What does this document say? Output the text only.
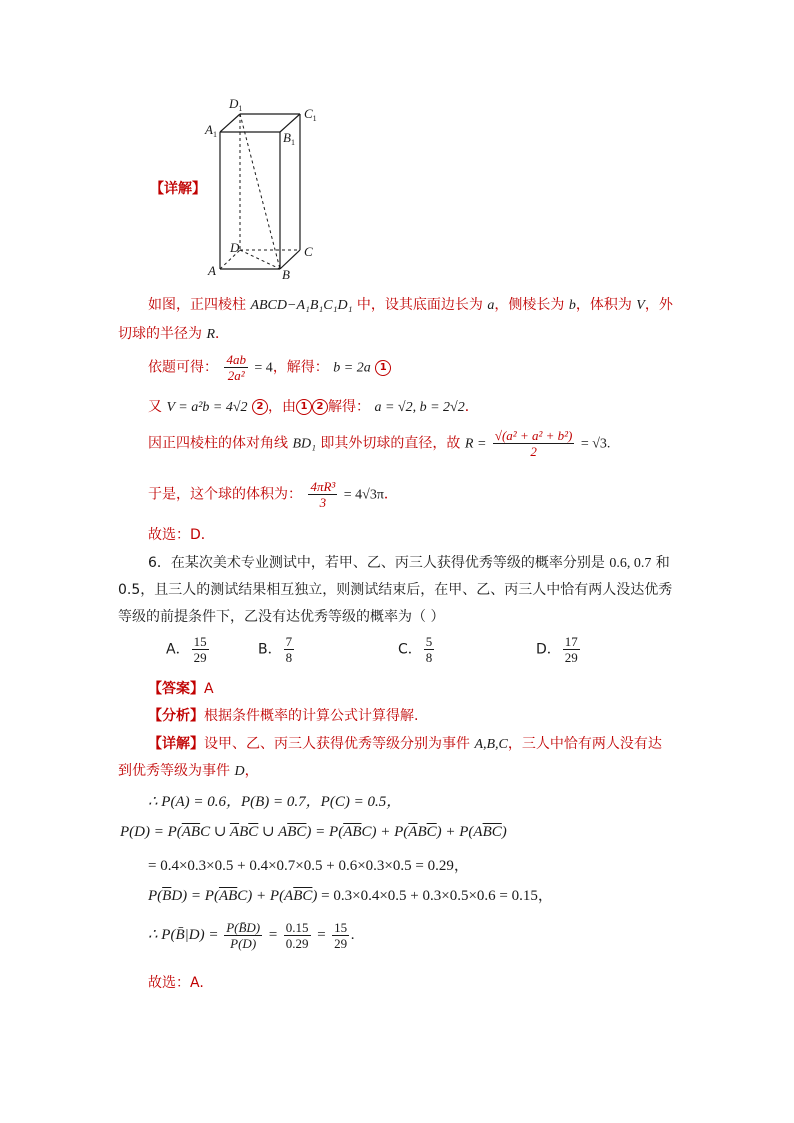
$D_1$	$C_1$
$A_1$	$B_1$
D	C
A	B
【详解】
如图，正四棱柱 ABCD−A₁B₁C₁D₁ 中，设其底面边长为 a，侧棱长为 b，体积为 V，外
切球的半径为 R．
依题可得： $\frac{4ab}{\text{2a²}} = 4$，解得： b = 2a 1
又 V = a²b = 4√2 2 ，由 1 2 解得： a = √2, b = 2√2．
因正四棱柱的体对角线 BD₁ 即其外切球的直径，故 $R = \frac{\text{√(a² + a² + b²)}}{2} = √3$.
于是，这个球的体积为： $\frac{\text{4πR³}}{3} = 4√3\pi$．
故选：D．
6．在某次美术专业测试中，若甲、乙、丙三人获得优秀等级的概率分别是 0.6, 0.7 和
0.5，且三人的测试结果相互独立，则测试结束后，在甲、乙、丙三人中恰有两人没达优秀
等级的前提条件下，乙没有达优秀等级的概率为（ ）
A． $\frac{15}{29}$	B． $\frac{7}{8}$	C． $\frac{5}{8}$	D． $\frac{17}{29}$
【答案】A
【分析】根据条件概率的计算公式计算得解.
【详解】设甲、乙、丙三人获得优秀等级分别为事件 A,B,C，三人中恰有两人没有达
到优秀等级为事件 D，
∴ P(A) = 0.6，P(B) = 0.7，P(C) = 0.5，
$P(D) = P(\overline{AB}C$ ∪ $\overline{A}B\overline{C}$ ∪ $A\overline{BC}) = P(\overline{AB}C) + P(\overline{A}B\overline{C}) + P(A\overline{BC})$
= 0.4×0.3×0.5 + 0.4×0.7×0.5 + 0.6×0.3×0.5 = 0.29，
$P(\overline{B}D) = P(\overline{AB}C) + P(A\overline{BC}) = 0.3\times 0.4\times 0.5 + 0.3\times 0.5\times 0.6 = 0.15$，
∴ P(B̄|D) = $\frac{P(B̄D)}{P(D)} = \frac{0.15}{0.29} = \frac{15}{29}$ .
故选：A.
